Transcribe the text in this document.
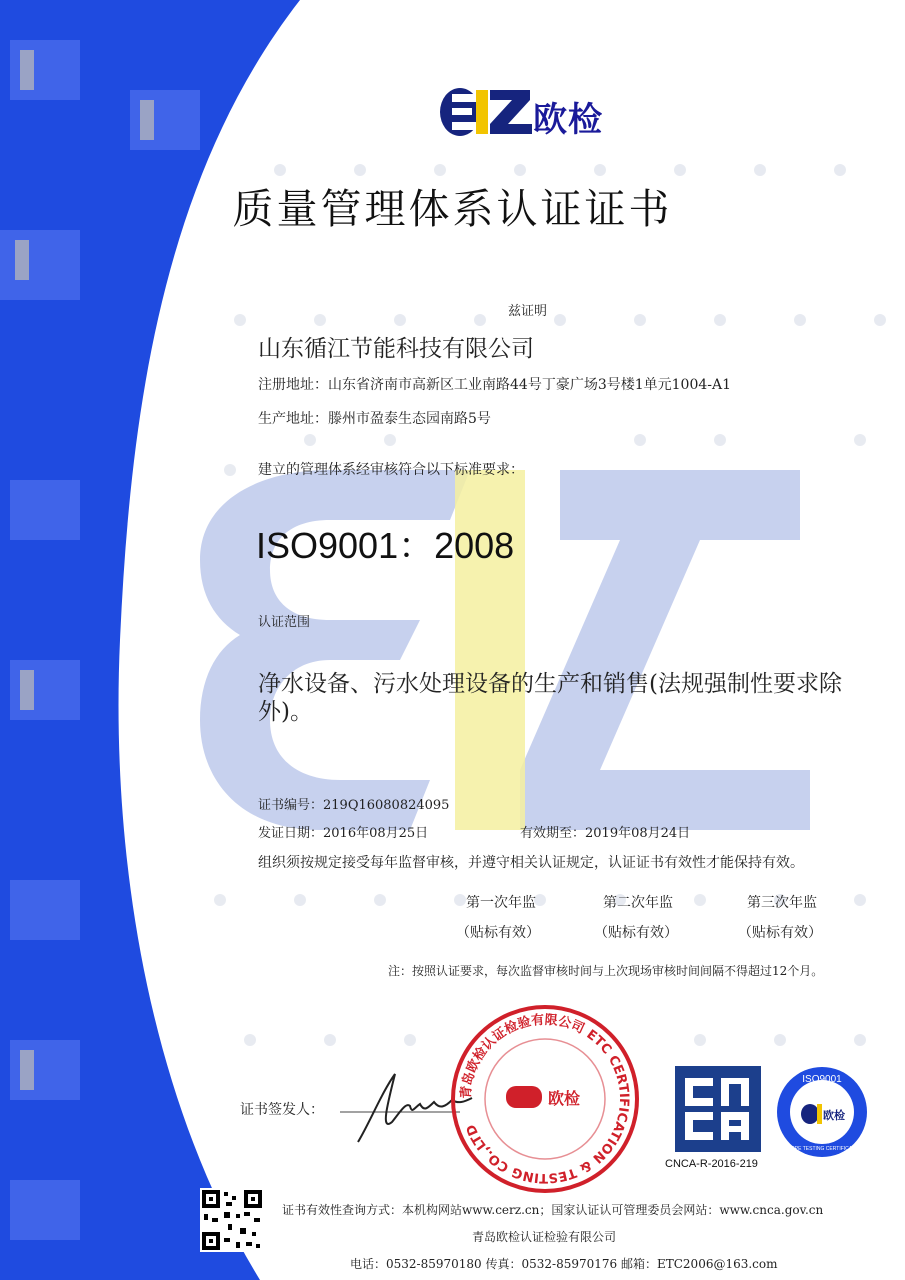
欧检
质量管理体系认证证书
兹证明
山东循江节能科技有限公司
注册地址：山东省济南市高新区工业南路44号丁豪广场3号楼1单元1004-A1
生产地址：滕州市盈泰生态园南路5号
建立的管理体系经审核符合以下标准要求：
ISO9001：2008
认证范围
净水设备、污水处理设备的生产和销售(法规强制性要求除外)。
证书编号：219Q16080824095
发证日期：2016年08月25日	有效期至：2019年08月24日
组织须按规定接受每年监督审核，并遵守相关认证规定，认证证书有效性才能保持有效。
第一次年监	第二次年监	第三次年监
（贴标有效）	（贴标有效）	（贴标有效）
注：按照认证要求，每次监督审核时间与上次现场审核时间间隔不得超过12个月。
证书签发人：
青岛欧检认证检验有限公司 ETC CERTIFICATION & TESTING CO.,LTD
欧检
CNCA-R-2016-219
ISO9001
EUROPE TESTING CERTIFICATION
欧检
证书有效性查询方式：本机构网站www.cerz.cn；国家认证认可管理委员会网站：www.cnca.gov.cn
青岛欧检认证检验有限公司
电话：0532-85970180 传真：0532-85970176 邮箱：ETC2006@163.com
